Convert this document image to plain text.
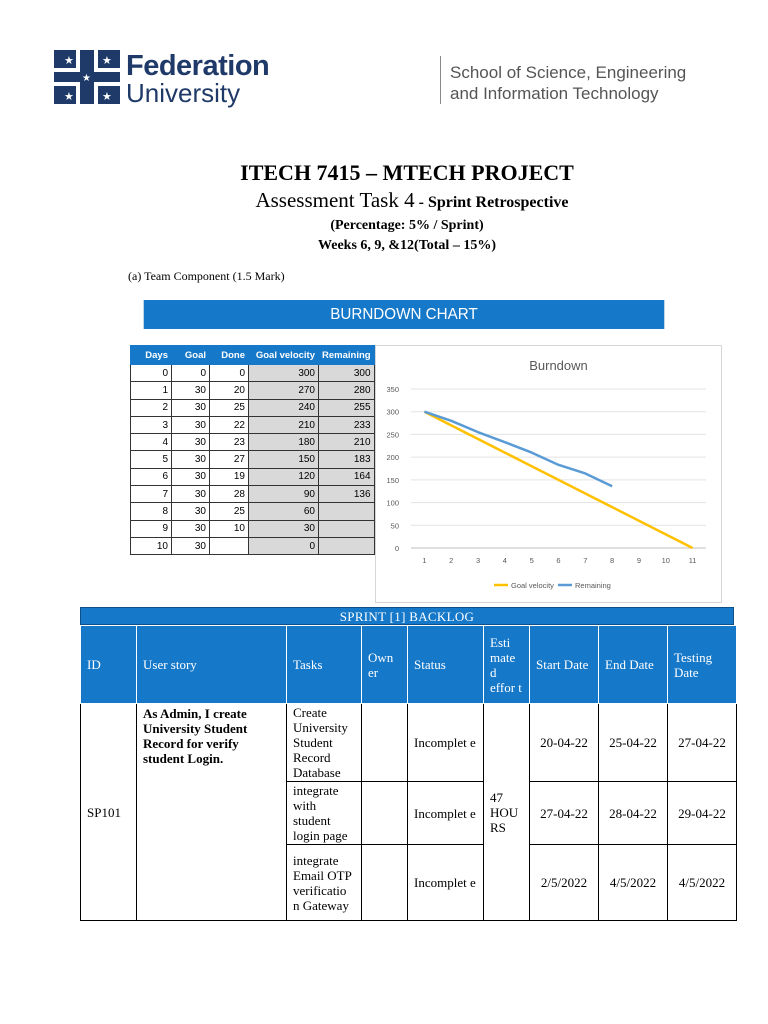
★	★
★	★
★ Federation
University
School of Science, Engineering
and Information Technology
ITECH 7415 – MTECH PROJECT
Assessment Task 4 - Sprint Retrospective
(Percentage: 5% / Sprint)
Weeks 6, 9, &12(Total – 15%)
(a) Team Component (1.5 Mark)
BURNDOWN CHART
Days	Goal	Done	Goal velocity	Remaining
0	0	0	300	300
1	30	20	270	280
2	30	25	240	255
3	30	22	210	233
4	30	23	180	210
5	30	27	150	183
6	30	19	120	164
7	30	28	90	136
8	30	25	60	
9	30	10	30	
10	30		0	
Burndown
0
50
100
150
200
250
300
350
1	2	3	4	5	6	7	8	9	10 11
Goal velocity	Remaining
SPRINT [1] BACKLOG
ID	User story	Tasks	Own er	Status	Esti mate d effor t	Start Date	End Date	Testing Date
SP101	As Admin, I create University Student Record for verify student Login.	Create University Student Record Database		Incomplet e	47 HOU RS	20-04-22	25-04-22	27-04-22
		integrate with student login page		Incomplet e		27-04-22	28-04-22	29-04-22
		integrate Email OTP verificatio n Gateway		Incomplet e		2/5/2022	4/5/2022	4/5/2022
